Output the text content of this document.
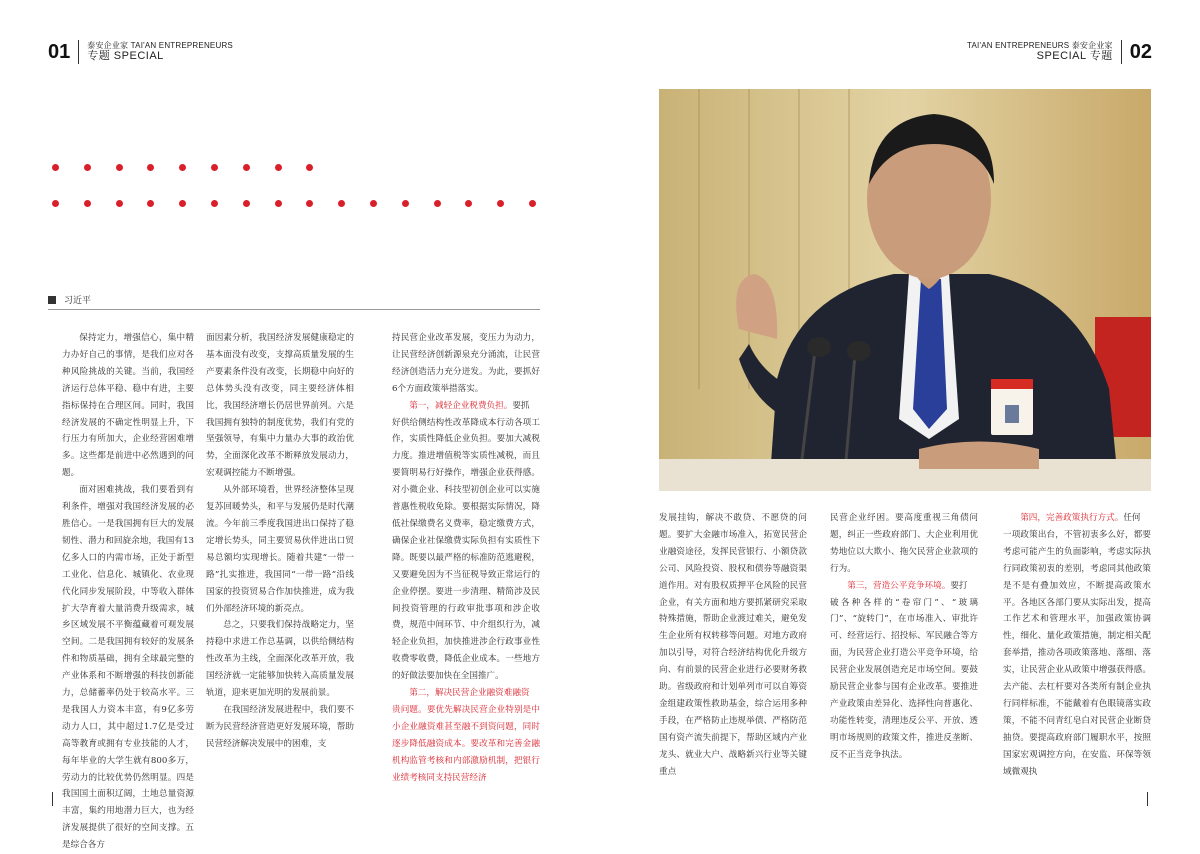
01 泰安企业家 TAI'AN ENTREPRENEURS
专题 SPECIAL
TAI'AN ENTREPRENEURS 泰安企业家
SPECIAL 专题 02
习近平

保持定力，增强信心，集中精力办好自己的事情，是我们应对各种风险挑战的关键。当前，我国经济运行总体平稳、稳中有进，主要指标保持在合理区间。同时，我国经济发展的不确定性明显上升，下行压力有所加大，企业经营困难增多。这些都是前进中必然遇到的问题。

面对困难挑战，我们要看到有利条件，增强对我国经济发展的必胜信心。一是我国拥有巨大的发展韧性、潜力和回旋余地，我国有13亿多人口的内需市场，正处于新型工业化、信息化、城镇化、农业现代化同步发展阶段，中等收入群体扩大孕育着大量消费升级需求，城乡区域发展不平衡蕴藏着可观发展空间。二是我国拥有较好的发展条件和物质基础，拥有全球最完整的产业体系和不断增强的科技创新能力，总储蓄率仍处于较高水平。三是我国人力资本丰富，有9亿多劳动力人口，其中超过1.7亿是受过高等教育或拥有专业技能的人才，每年毕业的大学生就有800多万，劳动力的比较优势仍然明显。四是我国国土面积辽阔，土地总量资源丰富，集约用地潜力巨大，也为经济发展提供了很好的空间支撑。五是综合各方

面因素分析，我国经济发展健康稳定的基本面没有改变，支撑高质量发展的生产要素条件没有改变，长期稳中向好的总体势头没有改变，同主要经济体相比，我国经济增长仍居世界前列。六是我国拥有独特的制度优势，我们有党的坚强领导，有集中力量办大事的政治优势，全面深化改革不断释放发展动力，宏观调控能力不断增强。

从外部环境看，世界经济整体呈现复苏回暖势头，和平与发展仍是时代潮流。今年前三季度我国进出口保持了稳定增长势头，同主要贸易伙伴进出口贸易总额均实现增长。随着共建“一带一路”扎实推进，我国同“一带一路”沿线国家的投资贸易合作加快推进，成为我们外部经济环境的新亮点。

总之，只要我们保持战略定力，坚持稳中求进工作总基调，以供给侧结构性改革为主线，全面深化改革开放，我国经济就一定能够加快转入高质量发展轨道，迎来更加光明的发展前景。

在我国经济发展进程中，我们要不断为民营经济营造更好发展环境，帮助民营经济解决发展中的困难，支

持民营企业改革发展，变压力为动力，让民营经济创新源泉充分涌流，让民营经济创造活力充分迸发。为此，要抓好6个方面政策举措落实。

第一，减轻企业税费负担。要抓

好供给侧结构性改革降成本行动各项工作，实质性降低企业负担。要加大减税力度。推进增值税等实质性减税，而且要简明易行好操作，增强企业获得感。对小微企业、科技型初创企业可以实施普惠性税收免除。要根据实际情况，降低社保缴费名义费率，稳定缴费方式，确保企业社保缴费实际负担有实质性下降。既要以最严格的标准防范逃避税，又要避免因为不当征税导致正常运行的企业停摆。要进一步清理、精简涉及民间投资管理的行政审批事项和涉企收费，规范中间环节、中介组织行为，减轻企业负担，加快推进涉企行政事业性收费零收费，降低企业成本。一些地方的好做法要加快在全国推广。

第二，解决民营企业融资难融资

贵问题。要优先解决民营企业特别是中小企业融资难甚至融不到资问题，同时逐步降低融资成本。要改革和完善金融机构监管考核和内部激励机制，把银行业绩考核同支持民营经济

发展挂钩，解决不敢贷、不愿贷的问题。要扩大金融市场准入，拓宽民营企业融资途径，发挥民营银行、小额贷款公司、风险投资、股权和债券等融资渠道作用。对有股权质押平仓风险的民营企业，有关方面和地方要抓紧研究采取特殊措施，帮助企业渡过难关，避免发生企业所有权转移等问题。对地方政府加以引导，对符合经济结构优化升级方向、有前景的民营企业进行必要财务救助。省级政府和计划单列市可以自筹资金组建政策性救助基金，综合运用多种手段，在严格防止违规举债、严格防范国有资产流失前提下，帮助区域内产业龙头、就业大户、战略新兴行业等关键重点

民营企业纾困。要高度重视三角债问题，纠正一些政府部门、大企业利用优势地位以大欺小、拖欠民营企业款项的行为。

第三，营造公平竞争环境。要打

破各种各样的“卷帘门”、“玻璃门”、“旋转门”，在市场准入、审批许可、经营运行、招投标、军民融合等方面，为民营企业打造公平竞争环境，给民营企业发展创造充足市场空间。要鼓励民营企业参与国有企业改革。要推进产业政策由差异化、选择性向普惠化、功能性转变，清理违反公平、开放、透明市场规则的政策文件，推进反垄断、反不正当竞争执法。

第四，完善政策执行方式。任何

一项政策出台，不管初衷多么好，都要考虑可能产生的负面影响，考虑实际执行同政策初衷的差别，考虑同其他政策是不是有叠加效应，不断提高政策水平。各地区各部门要从实际出发，提高工作艺术和管理水平，加强政策协调性，细化、量化政策措施，制定相关配套举措，推动各项政策落地、落细、落实，让民营企业从政策中增强获得感。去产能、去杠杆要对各类所有制企业执行同样标准，不能戴着有色眼镜落实政策，不能不问青红皂白对民营企业断贷抽贷。要提高政府部门履职水平，按照国家宏观调控方向，在安监、环保等领域微观执
